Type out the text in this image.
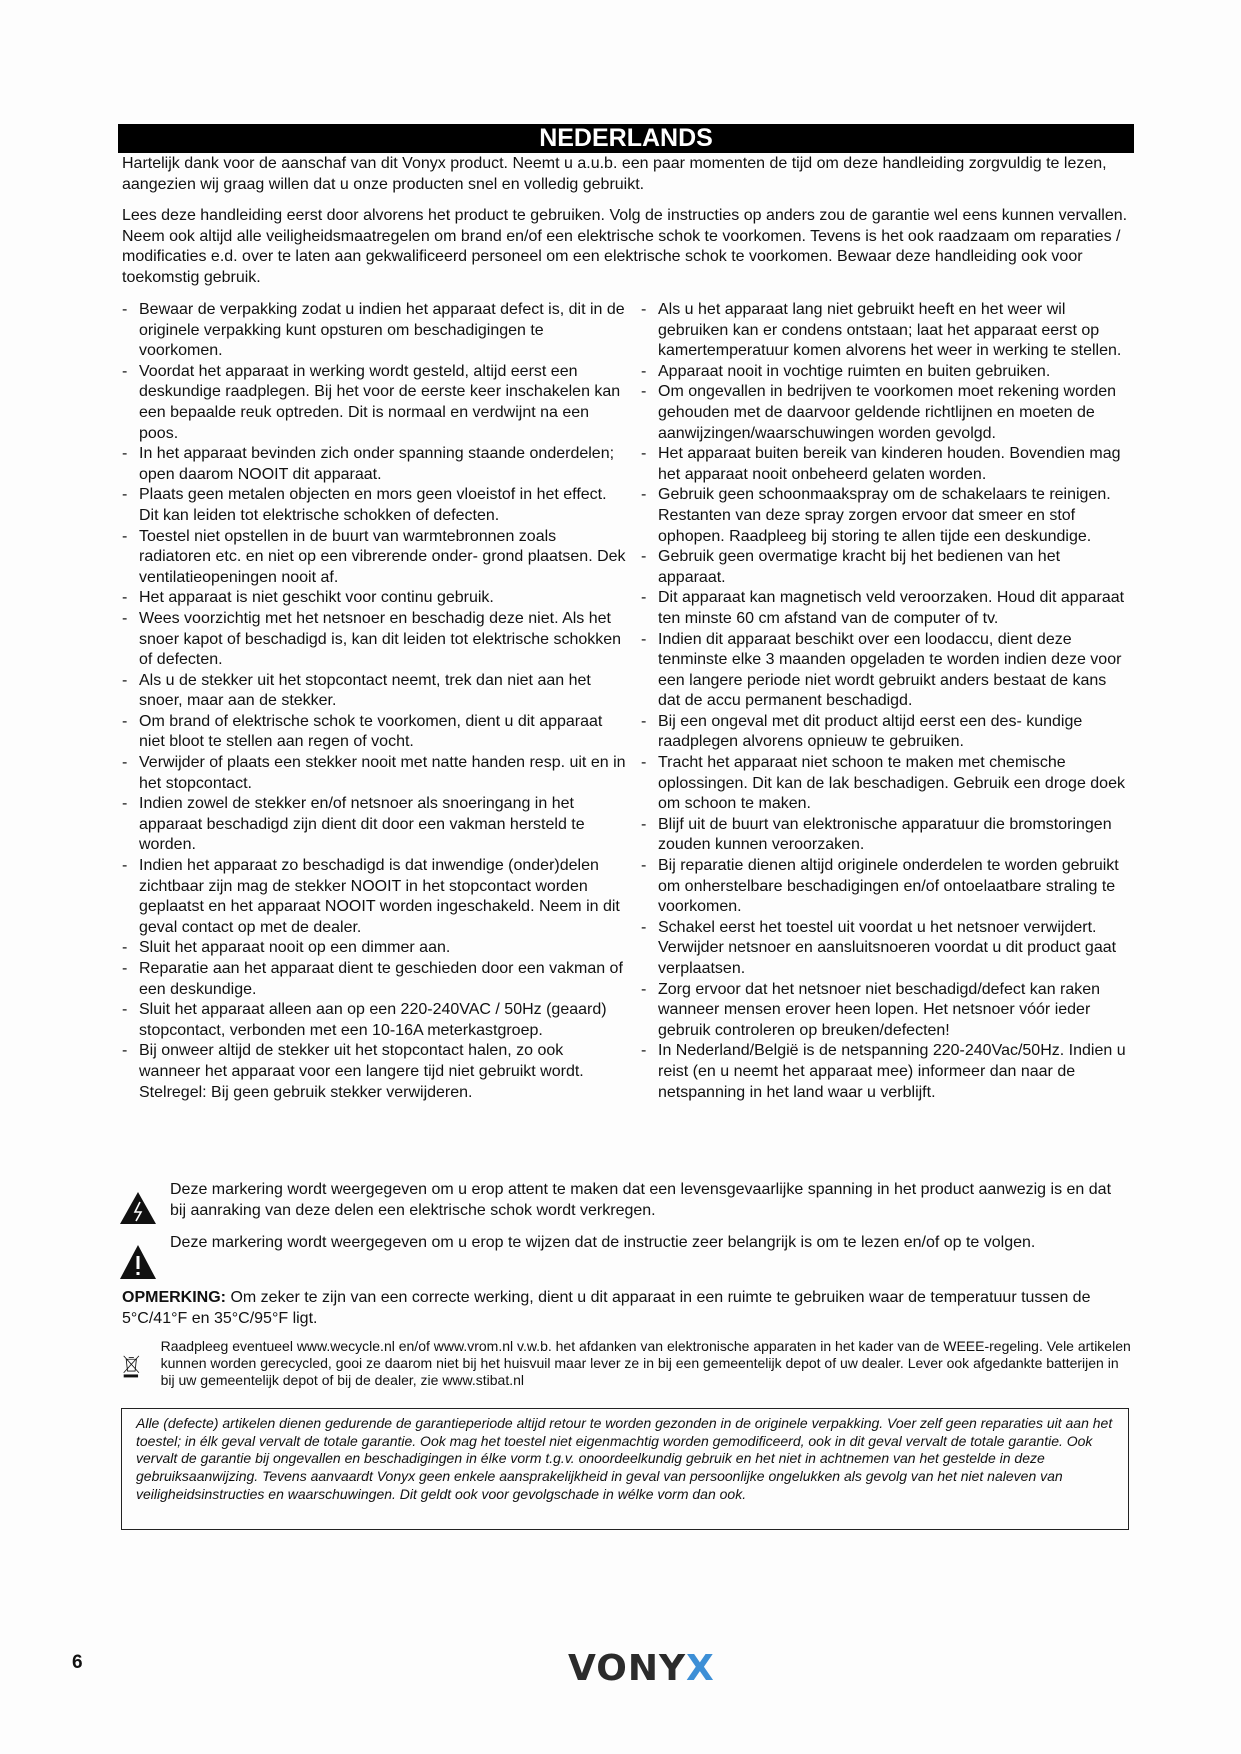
NEDERLANDS

Hartelijk dank voor de aanschaf van dit Vonyx product. Neemt u a.u.b. een paar momenten de tijd om deze handleiding zorgvuldig te lezen, aangezien wij graag willen dat u onze producten snel en volledig gebruikt.

Lees deze handleiding eerst door alvorens het product te gebruiken. Volg de instructies op anders zou de garantie wel eens kunnen vervallen. Neem ook altijd alle veiligheidsmaatregelen om brand en/of een elektrische schok te voorkomen. Tevens is het ook raadzaam om reparaties / modificaties e.d. over te laten aan gekwalificeerd personeel om een elektrische schok te voorkomen. Bewaar deze handleiding ook voor toekomstig gebruik.

- Bewaar de verpakking zodat u indien het apparaat defect is, dit in de originele verpakking kunt opsturen om beschadigingen te voorkomen.
- Voordat het apparaat in werking wordt gesteld, altijd eerst een deskundige raadplegen. Bij het voor de eerste keer inschakelen kan een bepaalde reuk optreden. Dit is normaal en verdwijnt na een poos.
- In het apparaat bevinden zich onder spanning staande onderdelen; open daarom NOOIT dit apparaat.
- Plaats geen metalen objecten en mors geen vloeistof in het effect. Dit kan leiden tot elektrische schokken of defecten.
- Toestel niet opstellen in de buurt van warmtebronnen zoals radiatoren etc. en niet op een vibrerende onder- grond plaatsen. Dek ventilatieopeningen nooit af.
- Het apparaat is niet geschikt voor continu gebruik.
- Wees voorzichtig met het netsnoer en beschadig deze niet. Als het snoer kapot of beschadigd is, kan dit leiden tot elektrische schokken of defecten.
- Als u de stekker uit het stopcontact neemt, trek dan niet aan het snoer, maar aan de stekker.
- Om brand of elektrische schok te voorkomen, dient u dit apparaat niet bloot te stellen aan regen of vocht.
- Verwijder of plaats een stekker nooit met natte handen resp. uit en in het stopcontact.
- Indien zowel de stekker en/of netsnoer als snoeringang in het apparaat beschadigd zijn dient dit door een vakman hersteld te worden.
- Indien het apparaat zo beschadigd is dat inwendige (onder)delen zichtbaar zijn mag de stekker NOOIT in het stopcontact worden geplaatst en het apparaat NOOIT worden ingeschakeld. Neem in dit geval contact op met de dealer.
- Sluit het apparaat nooit op een dimmer aan.
- Reparatie aan het apparaat dient te geschieden door een vakman of een deskundige.
- Sluit het apparaat alleen aan op een 220-240VAC / 50Hz (geaard) stopcontact, verbonden met een 10-16A meterkastgroep.
- Bij onweer altijd de stekker uit het stopcontact halen, zo ook wanneer het apparaat voor een langere tijd niet gebruikt wordt. Stelregel: Bij geen gebruik stekker verwijderen.
- Als u het apparaat lang niet gebruikt heeft en het weer wil gebruiken kan er condens ontstaan; laat het apparaat eerst op kamertemperatuur komen alvorens het weer in werking te stellen.
- Apparaat nooit in vochtige ruimten en buiten gebruiken.
- Om ongevallen in bedrijven te voorkomen moet rekening worden gehouden met de daarvoor geldende richtlijnen en moeten de aanwijzingen/waarschuwingen worden gevolgd.
- Het apparaat buiten bereik van kinderen houden. Bovendien mag het apparaat nooit onbeheerd gelaten worden.
- Gebruik geen schoonmaakspray om de schakelaars te reinigen. Restanten van deze spray zorgen ervoor dat smeer en stof ophopen. Raadpleeg bij storing te allen tijde een deskundige.
- Gebruik geen overmatige kracht bij het bedienen van het apparaat.
- Dit apparaat kan magnetisch veld veroorzaken. Houd dit apparaat ten minste 60 cm afstand van de computer of tv.
- Indien dit apparaat beschikt over een loodaccu, dient deze tenminste elke 3 maanden opgeladen te worden indien deze voor een langere periode niet wordt gebruikt anders bestaat de kans dat de accu permanent beschadigd.
- Bij een ongeval met dit product altijd eerst een des- kundige raadplegen alvorens opnieuw te gebruiken.
- Tracht het apparaat niet schoon te maken met chemische oplossingen. Dit kan de lak beschadigen. Gebruik een droge doek om schoon te maken.
- Blijf uit de buurt van elektronische apparatuur die bromstoringen zouden kunnen veroorzaken.
- Bij reparatie dienen altijd originele onderdelen te worden gebruikt om onherstelbare beschadigingen en/of ontoelaatbare straling te voorkomen.
- Schakel eerst het toestel uit voordat u het netsnoer verwijdert. Verwijder netsnoer en aansluitsnoeren voordat u dit product gaat verplaatsen.
- Zorg ervoor dat het netsnoer niet beschadigd/defect kan raken wanneer mensen erover heen lopen. Het netsnoer vóór ieder gebruik controleren op breuken/defecten!
- In Nederland/België is de netspanning 220-240Vac/50Hz. Indien u reist (en u neemt het apparaat mee) informeer dan naar de netspanning in het land waar u verblijft.

Deze markering wordt weergegeven om u erop attent te maken dat een levensgevaarlijke spanning in het product aanwezig is en dat bij aanraking van deze delen een elektrische schok wordt verkregen.

Deze markering wordt weergegeven om u erop te wijzen dat de instructie zeer belangrijk is om te lezen en/of op te volgen.

OPMERKING: Om zeker te zijn van een correcte werking, dient u dit apparaat in een ruimte te gebruiken waar de temperatuur tussen de 5°C/41°F en 35°C/95°F ligt.

Raadpleeg eventueel www.wecycle.nl en/of www.vrom.nl v.w.b. het afdanken van elektronische apparaten in het kader van de WEEE-regeling. Vele artikelen kunnen worden gerecycled, gooi ze daarom niet bij het huisvuil maar lever ze in bij een gemeentelijk depot of uw dealer. Lever ook afgedankte batterijen in bij uw gemeentelijk depot of bij de dealer, zie www.stibat.nl

Alle (defecte) artikelen dienen gedurende de garantieperiode altijd retour te worden gezonden in de originele verpakking. Voer zelf geen reparaties uit aan het toestel; in élk geval vervalt de totale garantie. Ook mag het toestel niet eigenmachtig worden gemodificeerd, ook in dit geval vervalt de totale garantie. Ook vervalt de garantie bij ongevallen en beschadigingen in élke vorm t.g.v. onoordeelkundig gebruik en het niet in achtnemen van het gestelde in deze gebruiksaanwijzing. Tevens aanvaardt Vonyx geen enkele aansprakelijkheid in geval van persoonlijke ongelukken als gevolg van het niet naleven van veiligheidsinstructies en waarschuwingen. Dit geldt ook voor gevolgschade in wélke vorm dan ook.

6	VONYX
